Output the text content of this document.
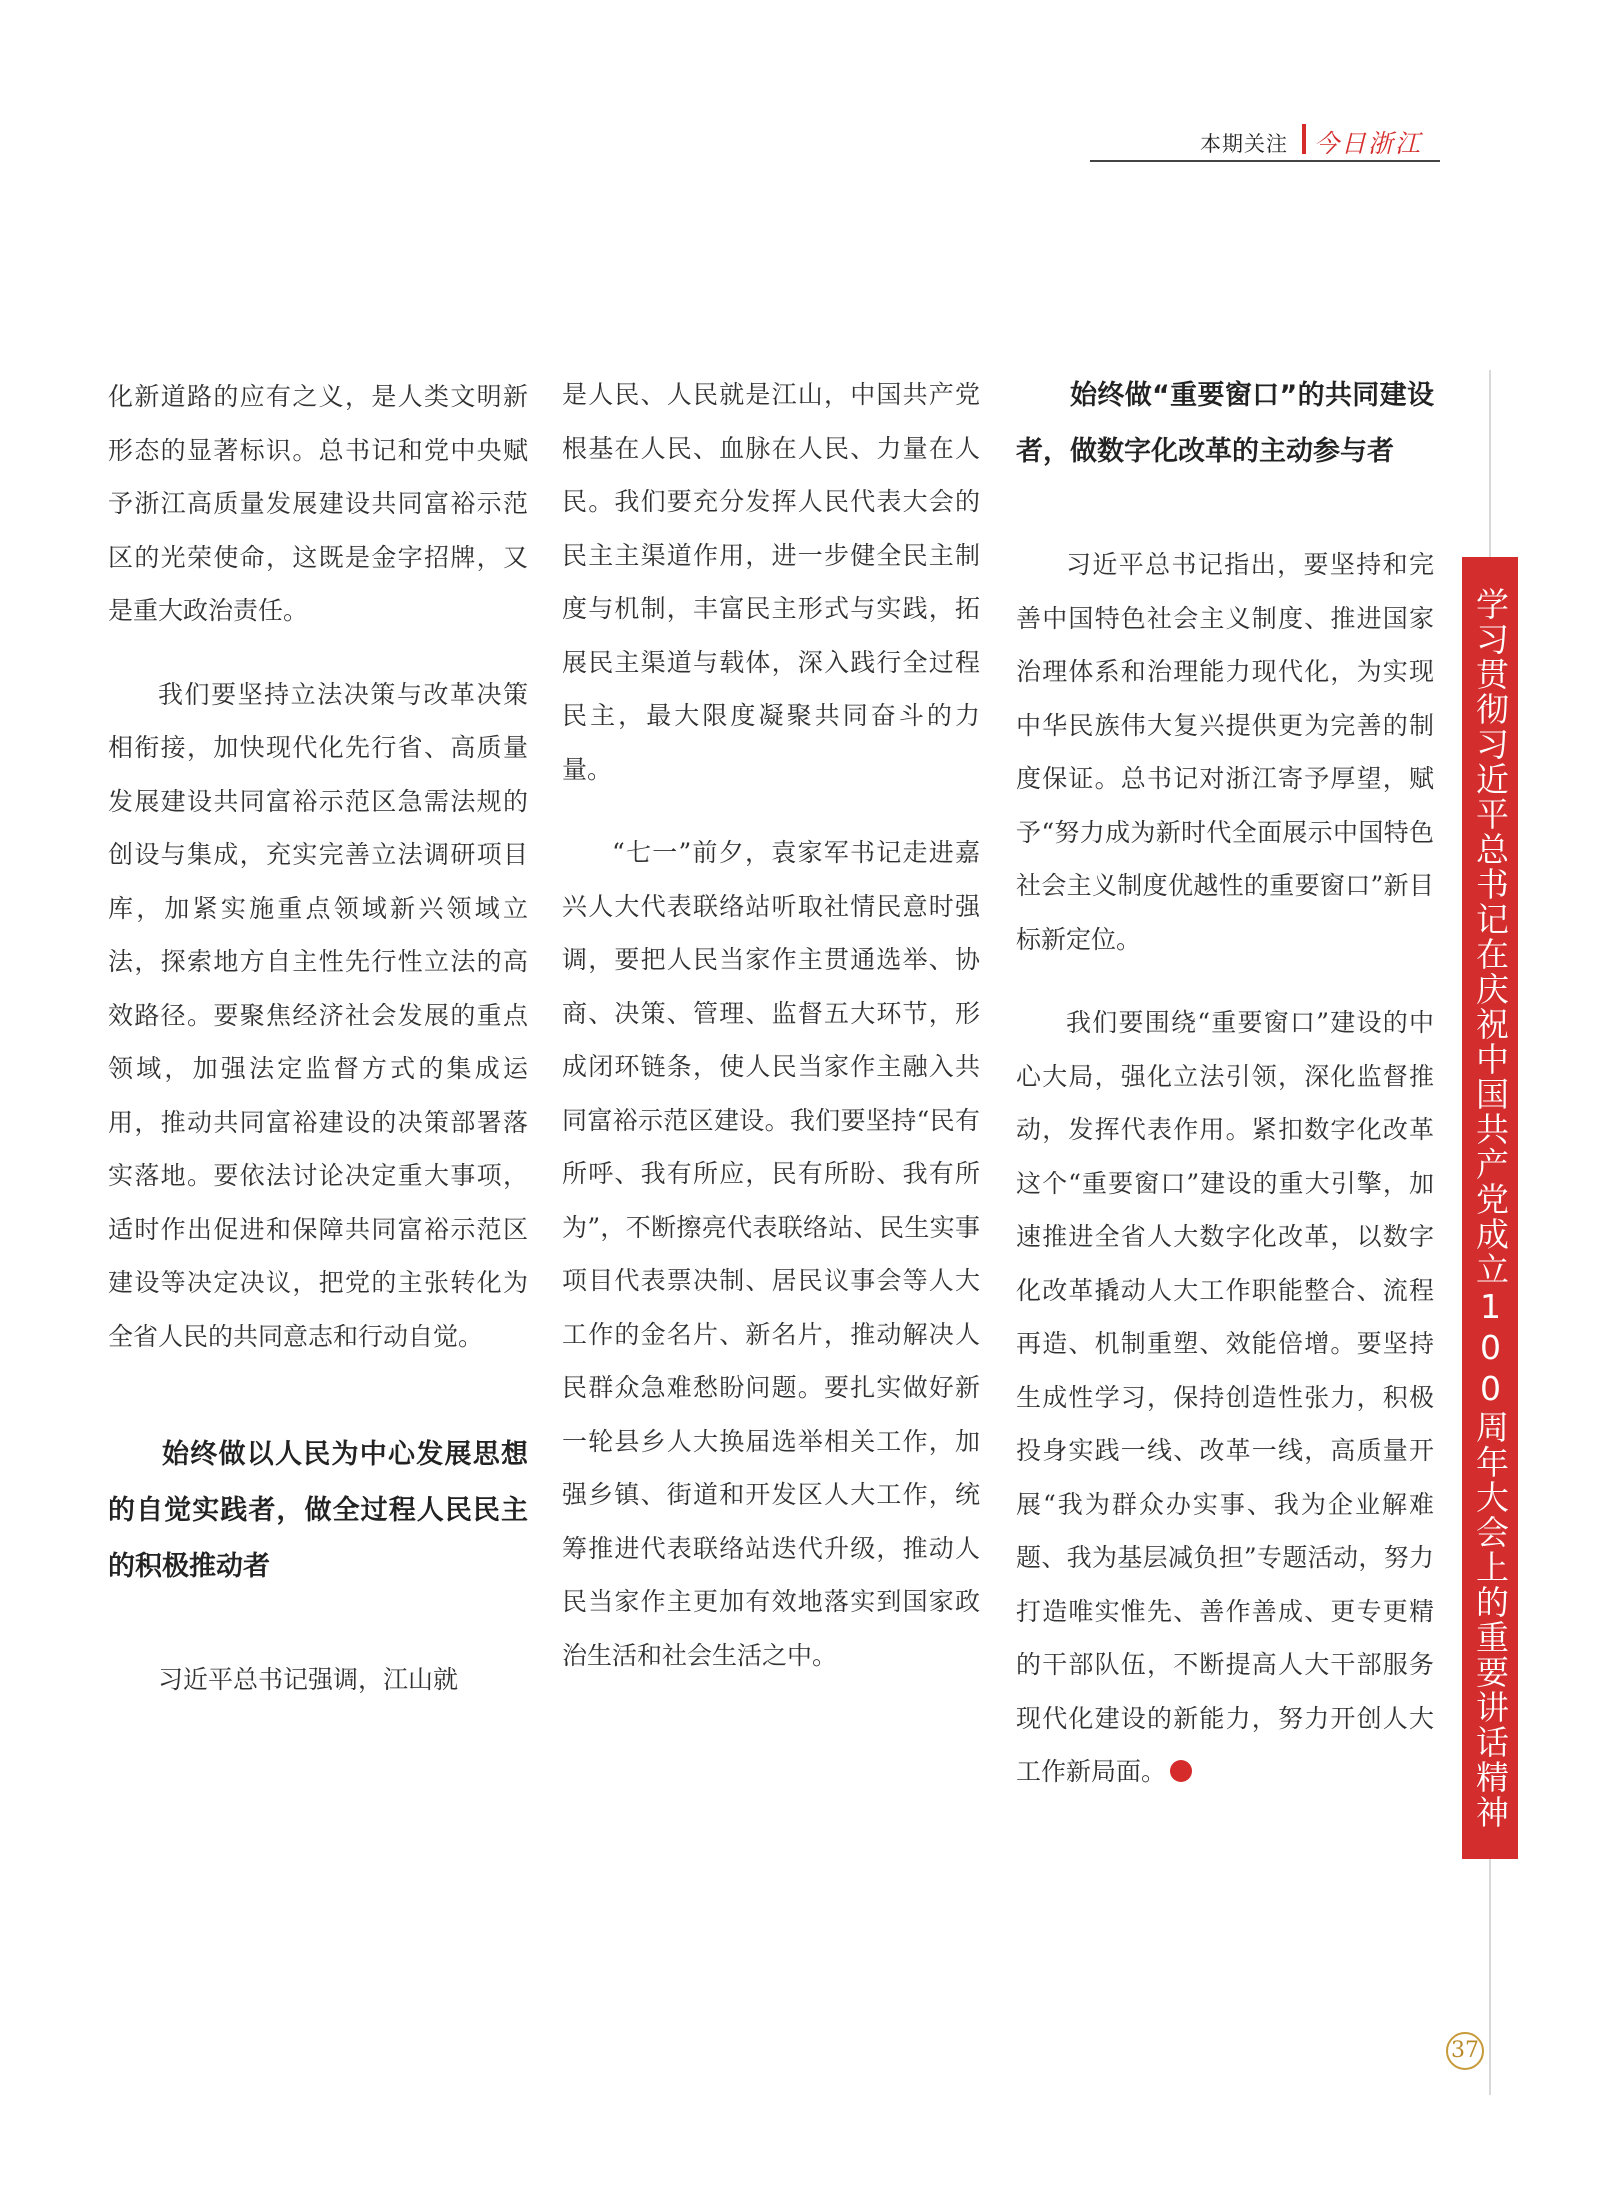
本期关注 今日浙江

化新道路的应有之义，是人类文明新形态的显著标识。总书记和党中央赋予浙江高质量发展建设共同富裕示范区的光荣使命，这既是金字招牌，又是重大政治责任。

我们要坚持立法决策与改革决策相衔接，加快现代化先行省、高质量发展建设共同富裕示范区急需法规的创设与集成，充实完善立法调研项目库，加紧实施重点领域新兴领域立法，探索地方自主性先行性立法的高效路径。要聚焦经济社会发展的重点领域，加强法定监督方式的集成运用，推动共同富裕建设的决策部署落实落地。要依法讨论决定重大事项，适时作出促进和保障共同富裕示范区建设等决定决议，把党的主张转化为全省人民的共同意志和行动自觉。

始终做以人民为中心发展思想的自觉实践者，做全过程人民民主的积极推动者

习近平总书记强调，江山就

是人民、人民就是江山，中国共产党根基在人民、血脉在人民、力量在人民。我们要充分发挥人民代表大会的民主主渠道作用，进一步健全民主制度与机制，丰富民主形式与实践，拓展民主渠道与载体，深入践行全过程民主，最大限度凝聚共同奋斗的力量。

“七一”前夕，袁家军书记走进嘉兴人大代表联络站听取社情民意时强调，要把人民当家作主贯通选举、协商、决策、管理、监督五大环节，形成闭环链条，使人民当家作主融入共同富裕示范区建设。我们要坚持“民有所呼、我有所应，民有所盼、我有所为”，不断擦亮代表联络站、民生实事项目代表票决制、居民议事会等人大工作的金名片、新名片，推动解决人民群众急难愁盼问题。要扎实做好新一轮县乡人大换届选举相关工作，加强乡镇、街道和开发区人大工作，统筹推进代表联络站迭代升级，推动人民当家作主更加有效地落实到国家政治生活和社会生活之中。

始终做“重要窗口”的共同建设者，做数字化改革的主动参与者

习近平总书记指出，要坚持和完善中国特色社会主义制度、推进国家治理体系和治理能力现代化，为实现中华民族伟大复兴提供更为完善的制度保证。总书记对浙江寄予厚望，赋予“努力成为新时代全面展示中国特色社会主义制度优越性的重要窗口”新目标新定位。

我们要围绕“重要窗口”建设的中心大局，强化立法引领，深化监督推动，发挥代表作用。紧扣数字化改革这个“重要窗口”建设的重大引擎，加速推进全省人大数字化改革，以数字化改革撬动人大工作职能整合、流程再造、机制重塑、效能倍增。要坚持生成性学习，保持创造性张力，积极投身实践一线、改革一线，高质量开展“我为群众办实事、我为企业解难题、我为基层减负担”专题活动，努力打造唯实惟先、善作善成、更专更精的干部队伍，不断提高人大干部服务现代化建设的新能力，努力开创人大工作新局面。	学习贯彻习近平总书记在庆祝中国共产党成立100周年大会上的重要讲话精神
37
